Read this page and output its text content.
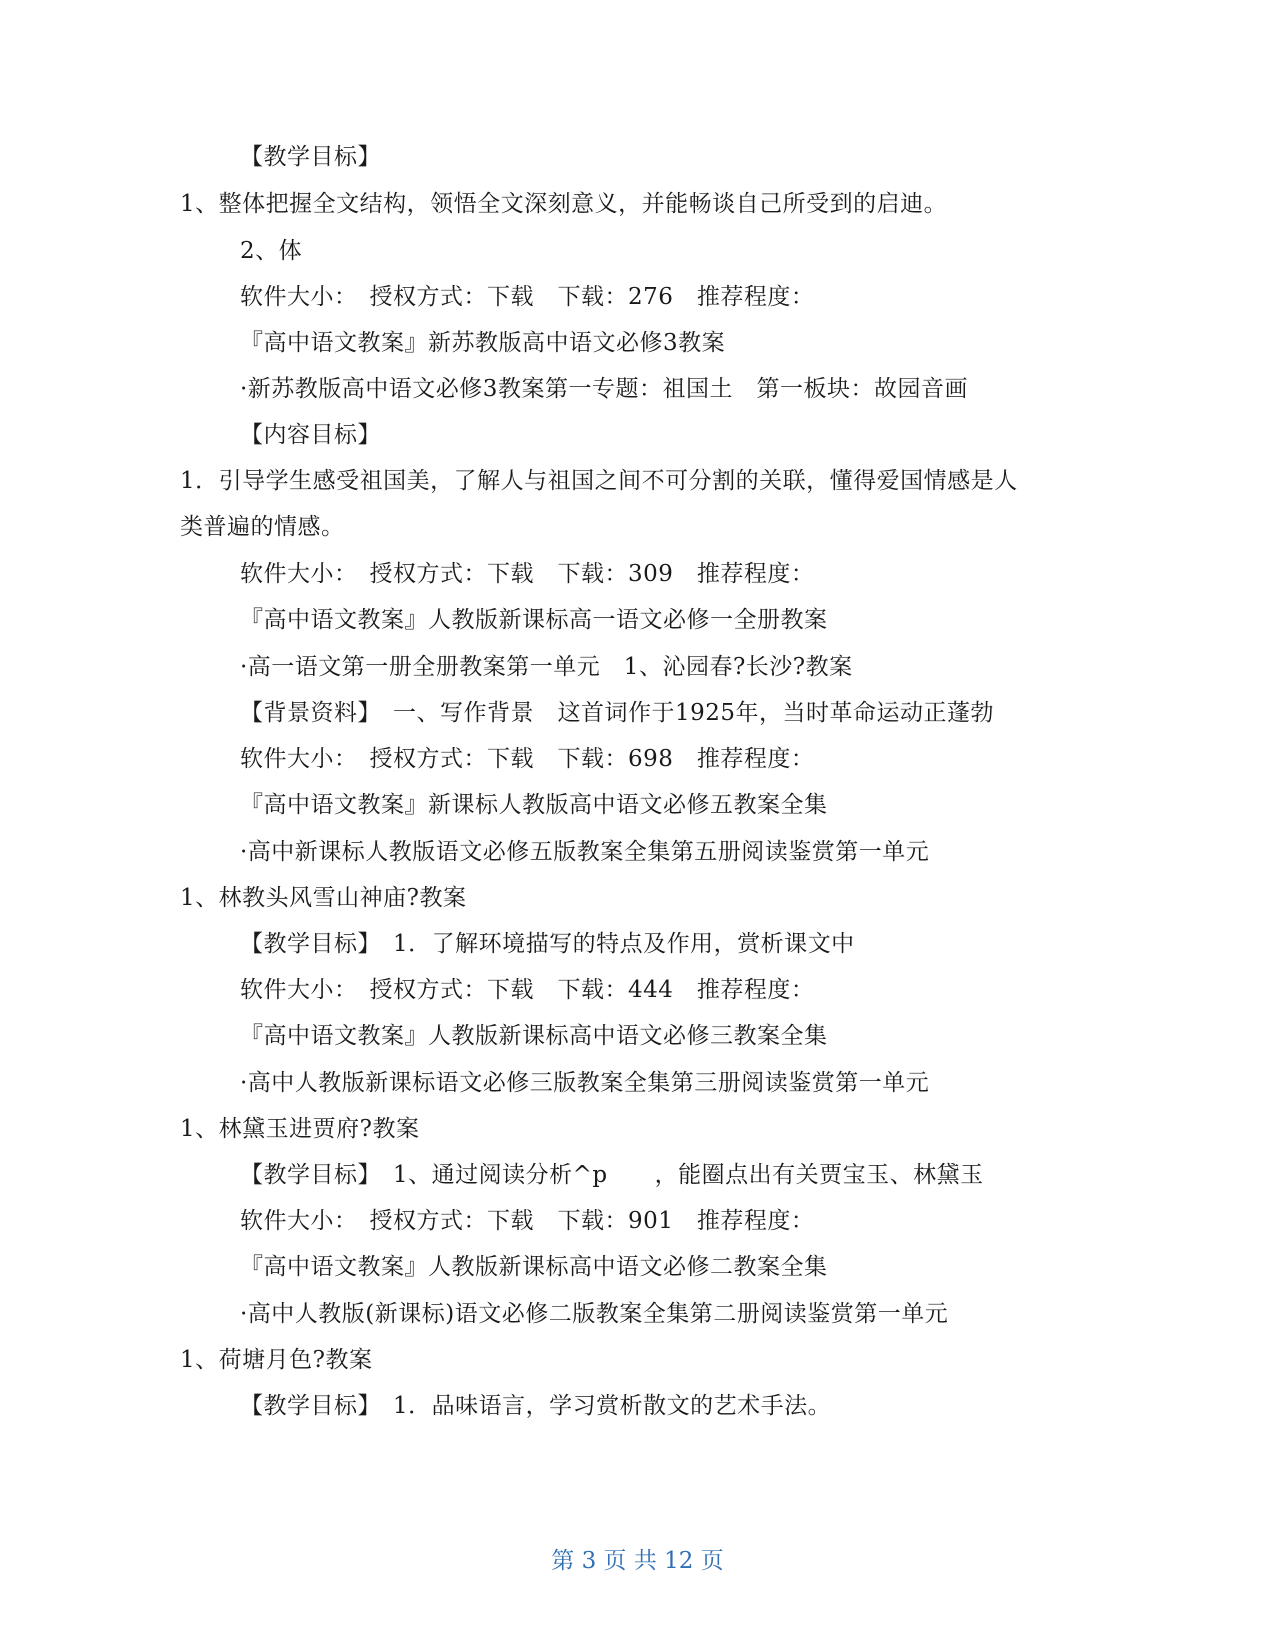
【教学目标】
1、整体把握全文结构，领悟全文深刻意义，并能畅谈自己所受到的启迪。
2、体
软件大小：　授权方式：下载　下载：276　推荐程度：
『高中语文教案』新苏教版高中语文必修3教案
·新苏教版高中语文必修3教案第一专题：祖国土　第一板块：故园音画
【内容目标】
1．引导学生感受祖国美，了解人与祖国之间不可分割的关联，懂得爱国情感是人
类普遍的情感。
软件大小：　授权方式：下载　下载：309　推荐程度：
『高中语文教案』人教版新课标高一语文必修一全册教案
·高一语文第一册全册教案第一单元　1、沁园春?长沙?教案
【背景资料】　一、写作背景　这首词作于1925年，当时革命运动正蓬勃
软件大小：　授权方式：下载　下载：698　推荐程度：
『高中语文教案』新课标人教版高中语文必修五教案全集
·高中新课标人教版语文必修五版教案全集第五册阅读鉴赏第一单元
1、林教头风雪山神庙?教案
【教学目标】　1．了解环境描写的特点及作用，赏析课文中
软件大小：　授权方式：下载　下载：444　推荐程度：
『高中语文教案』人教版新课标高中语文必修三教案全集
·高中人教版新课标语文必修三版教案全集第三册阅读鉴赏第一单元
1、林黛玉进贾府?教案
【教学目标】　1、通过阅读分析^p　　，能圈点出有关贾宝玉、林黛玉
软件大小：　授权方式：下载　下载：901　推荐程度：
『高中语文教案』人教版新课标高中语文必修二教案全集
·高中人教版(新课标)语文必修二版教案全集第二册阅读鉴赏第一单元
1、荷塘月色?教案
【教学目标】　1．品味语言，学习赏析散文的艺术手法。
第 3 页 共 12 页
